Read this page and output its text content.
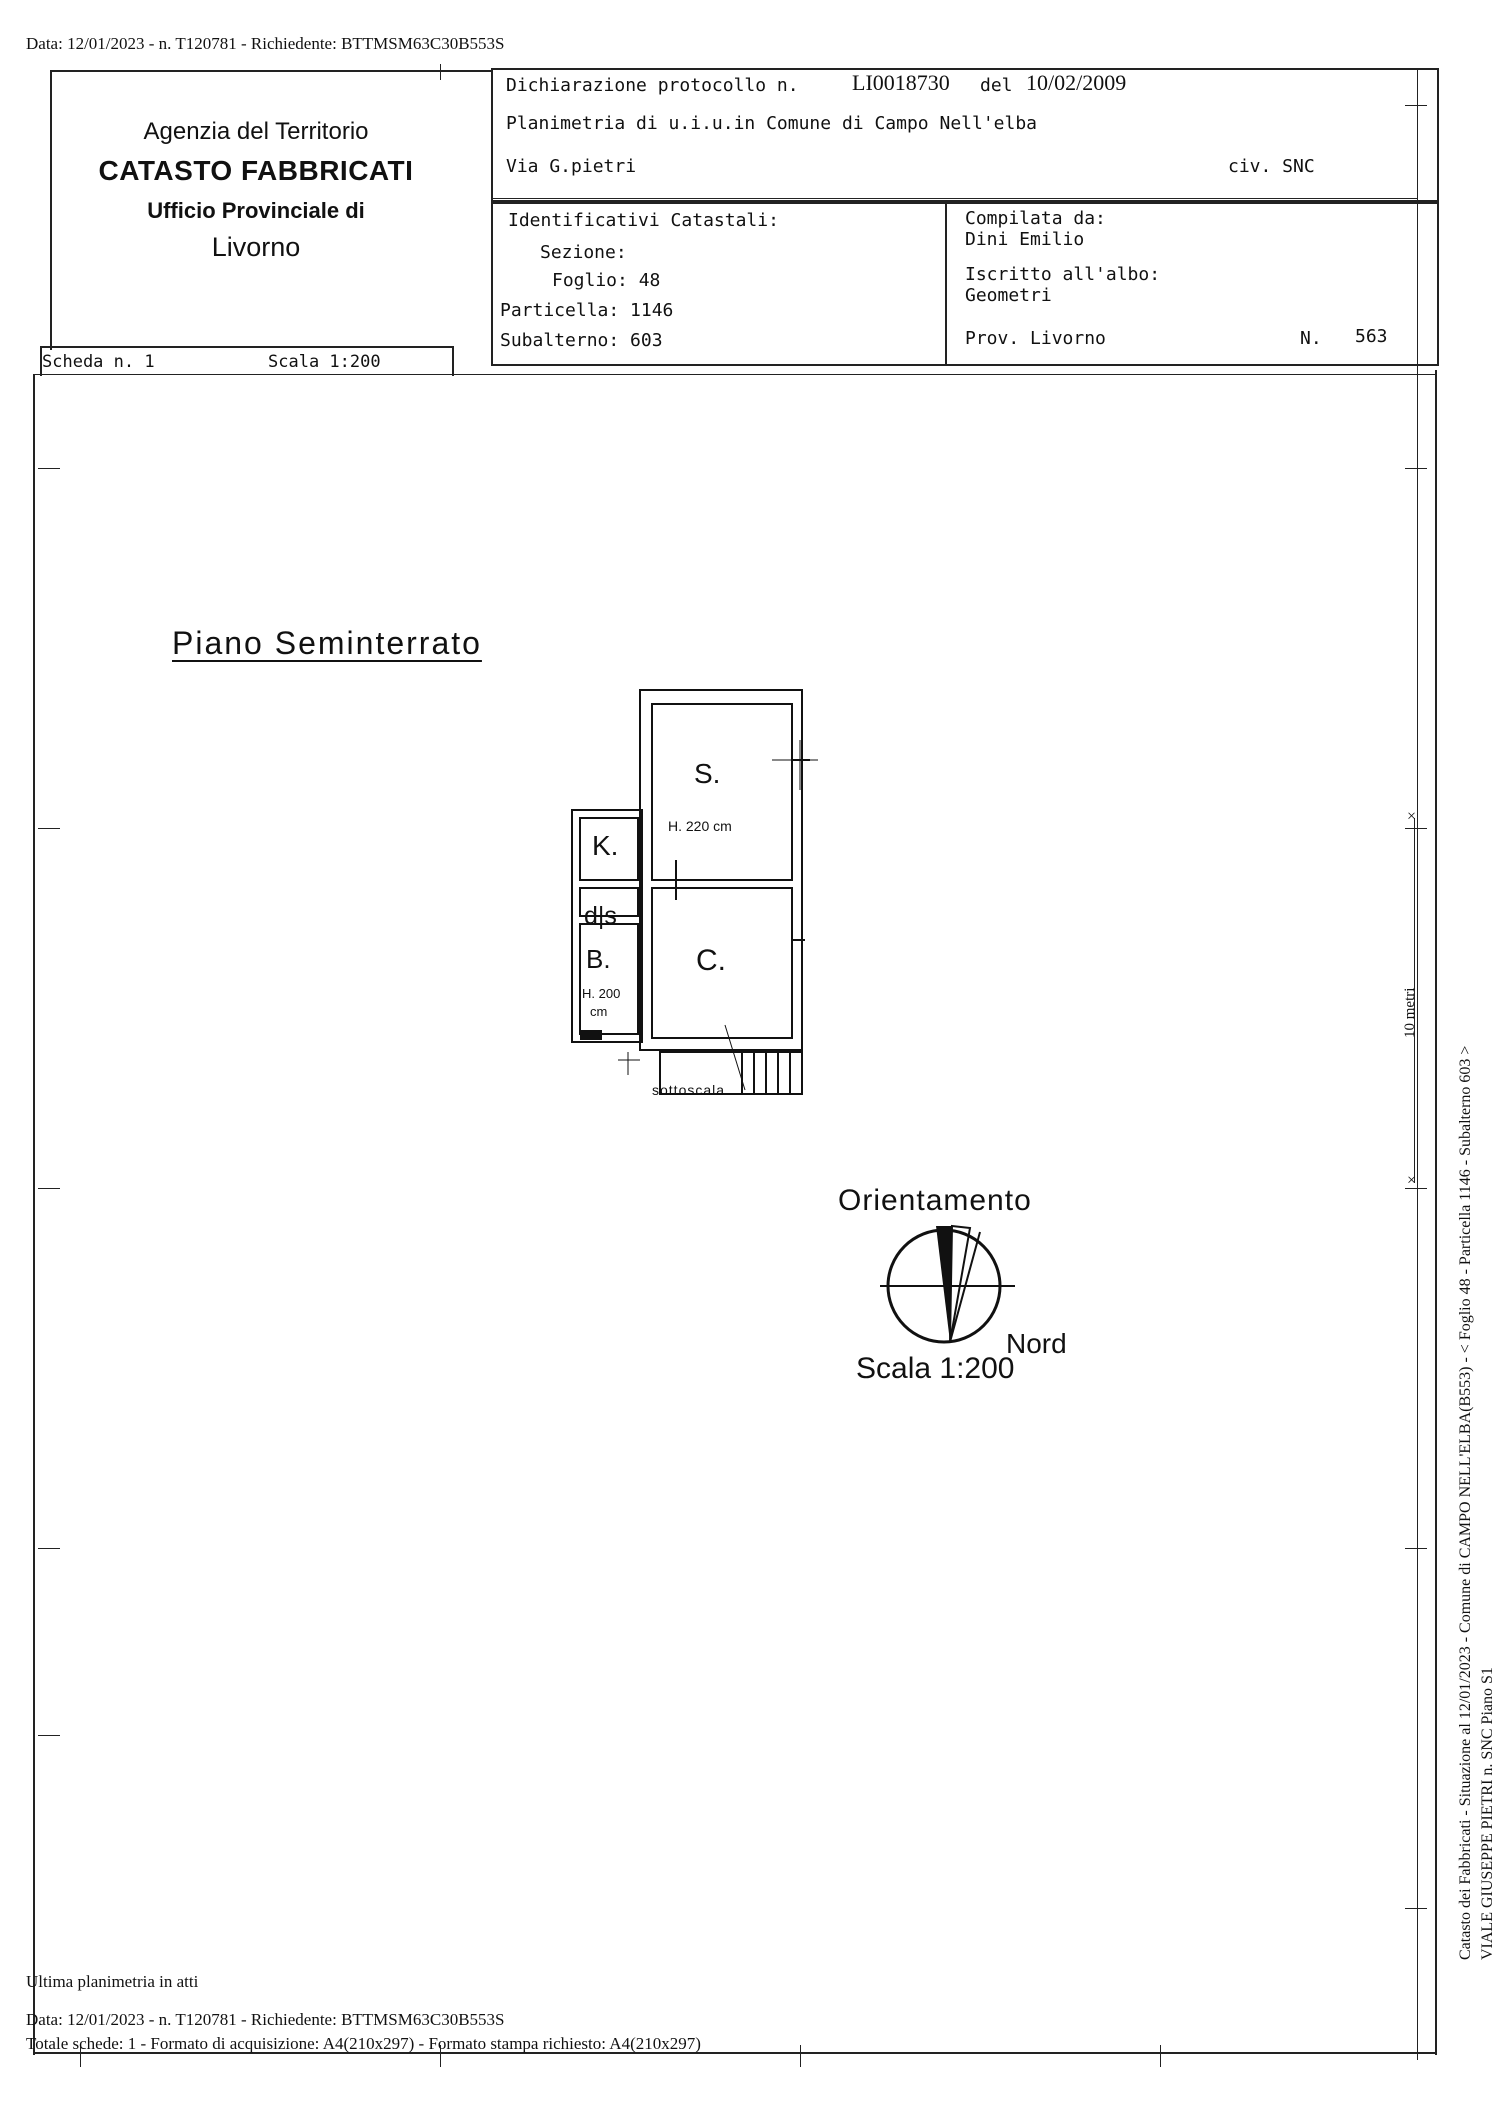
Data: 12/01/2023 - n. T120781 - Richiedente: BTTMSM63C30B553S
Agenzia del Territorio
CATASTO FABBRICATI
Ufficio Provinciale di
Livorno
Scheda n. 1	Scala 1:200
Dichiarazione protocollo n. LI0018730 del 10/02/2009
Planimetria di u.i.u.in Comune di Campo Nell'elba
Via G.pietri	civ. SNC
Identificativi Catastali:
Sezione:
Foglio: 48
Particella: 1146
Subalterno: 603
Compilata da:
Dini Emilio
Iscritto all'albo:
Geometri
Prov. Livorno	N. 563
Piano Seminterrato
S.
H. 220 cm
K.
d|s
B.
H. 200
cm
C.
sottoscala
Orientamento
Nord
Scala 1:200
×
×
10 metri
Catasto dei Fabbricati - Situazione al 12/01/2023 - Comune di CAMPO NELL'ELBA(B553) - < Foglio 48 - Particella 1146 - Subalterno 603 > VIALE GIUSEPPE PIETRI n. SNC Piano S1
Ultima planimetria in atti
Data: 12/01/2023 - n. T120781 - Richiedente: BTTMSM63C30B553S
Totale schede: 1 - Formato di acquisizione: A4(210x297) - Formato stampa richiesto: A4(210x297)
